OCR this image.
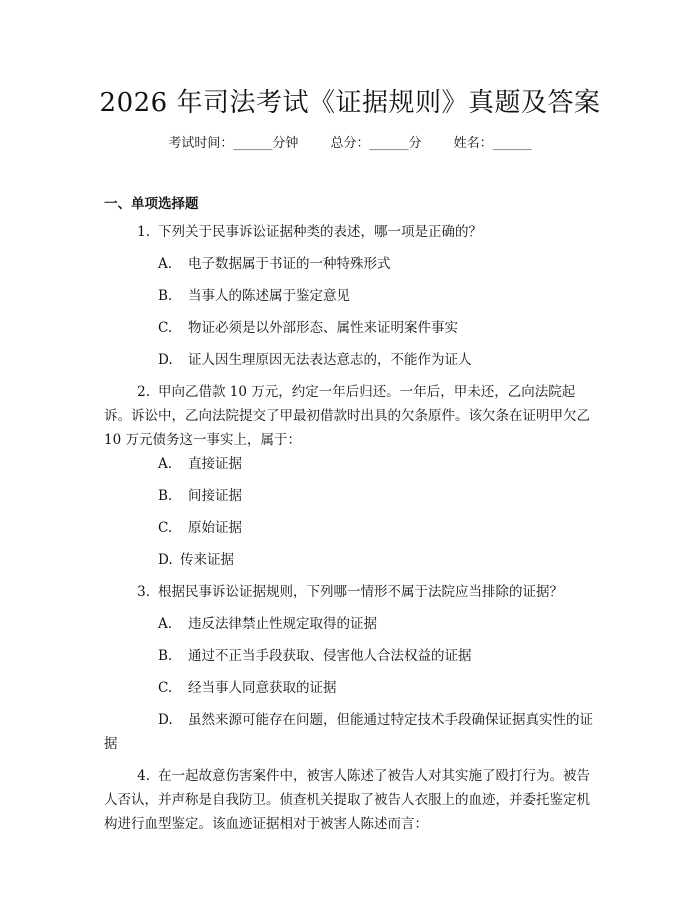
2026 年司法考试《证据规则》真题及答案
考试时间：______分钟 总分：______分 姓名：______
一、单项选择题
1. 下列关于民事诉讼证据种类的表述，哪一项是正确的？
A. 电子数据属于书证的一种特殊形式
B. 当事人的陈述属于鉴定意见
C. 物证必须是以外部形态、属性来证明案件事实
D. 证人因生理原因无法表达意志的，不能作为证人
2. 甲向乙借款 10 万元，约定一年后归还。一年后，甲未还，乙向法院起
诉。诉讼中，乙向法院提交了甲最初借款时出具的欠条原件。该欠条在证明甲欠乙
10 万元债务这一事实上，属于：
A. 直接证据
B. 间接证据
C. 原始证据
D. 传来证据
3. 根据民事诉讼证据规则，下列哪一情形不属于法院应当排除的证据？
A. 违反法律禁止性规定取得的证据
B. 通过不正当手段获取、侵害他人合法权益的证据
C. 经当事人同意获取的证据
D. 虽然来源可能存在问题，但能通过特定技术手段确保证据真实性的证
据
4. 在一起故意伤害案件中，被害人陈述了被告人对其实施了殴打行为。被告
人否认，并声称是自我防卫。侦查机关提取了被告人衣服上的血迹，并委托鉴定机
构进行血型鉴定。该血迹证据相对于被害人陈述而言：
